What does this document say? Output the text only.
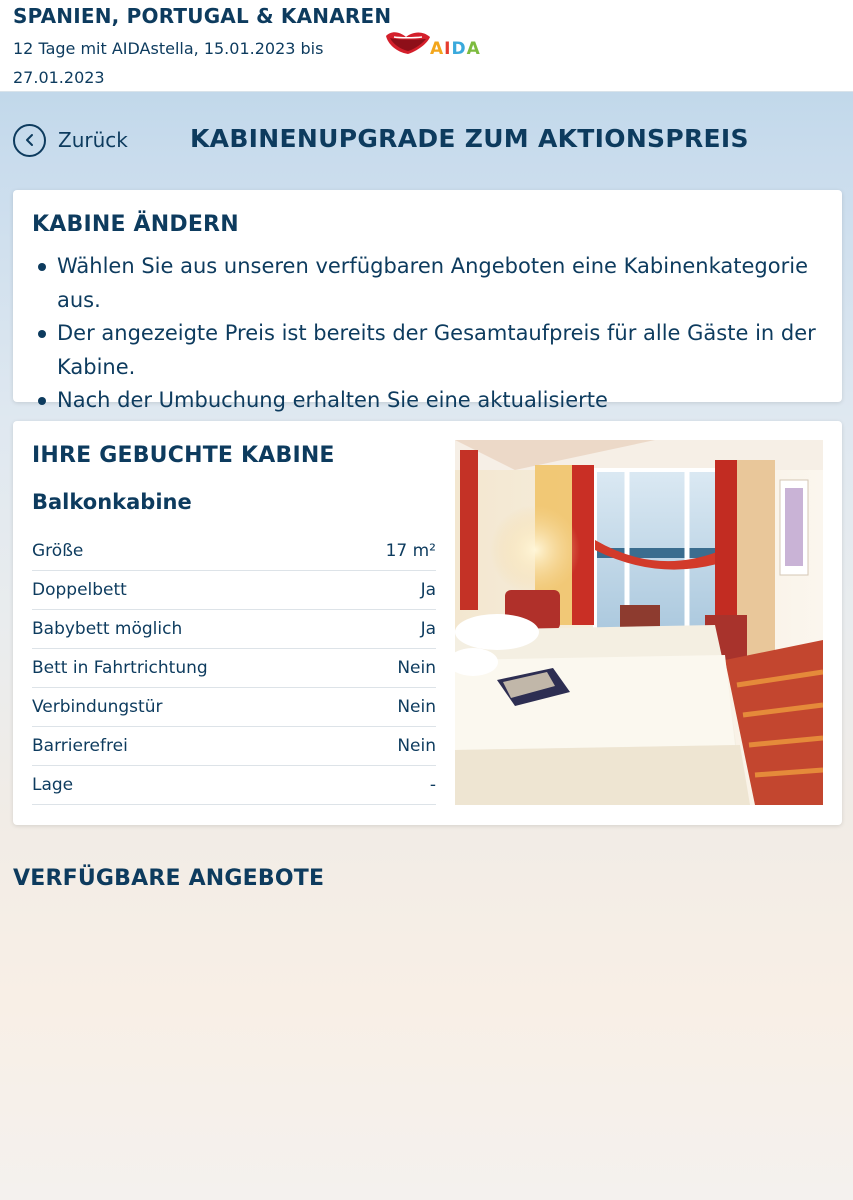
SPANIEN, PORTUGAL & KANAREN
12 Tage mit AIDAstella, 15.01.2023 bis 27.01.2023
AIDA
Zurück KABINENUPGRADE ZUM AKTIONSPREIS
KABINE ÄNDERN
Wählen Sie aus unseren verfügbaren Angeboten eine Kabinenkategorie aus.
Der angezeigte Preis ist bereits der Gesamtaufpreis für alle Gäste in der Kabine.
Nach der Umbuchung erhalten Sie eine aktualisierte
IHRE GEBUCHTE KABINE
Balkonkabine
Größe	17 m²
Doppelbett	Ja
Babybett möglich	Ja
Bett in Fahrtrichtung	Nein
Verbindungstür	Nein
Barrierefrei	Nein
Lage	-
VERFÜGBARE ANGEBOTE
